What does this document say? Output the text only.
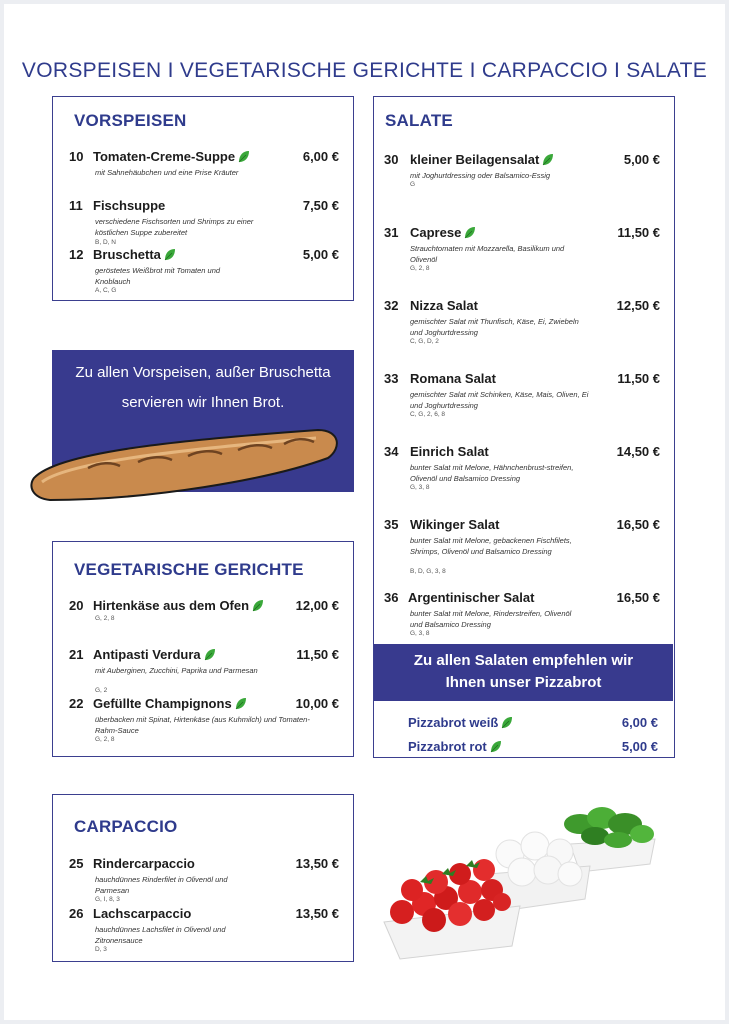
VORSPEISEN I VEGETARISCHE GERICHTE I CARPACCIO I SALATE
VORSPEISEN
10 Tomaten-Creme-Suppe	6,00 €
mit Sahnehäubchen und eine Prise Kräuter
11 Fischsuppe	7,50 €
verschiedene Fischsorten und Shrimps zu einer köstlichen Suppe zubereitet
B, D, N
12 Bruschetta	5,00 €
geröstetes Weißbrot mit Tomaten und Knoblauch
A, C, G
Zu allen Vorspeisen, außer Bruschetta
servieren wir Ihnen Brot.
VEGETARISCHE GERICHTE
20 Hirtenkäse aus dem Ofen	12,00 €
G, 2, 8
21 Antipasti Verdura	11,50 €
mit Auberginen, Zucchini, Paprika und Parmesan
G, 2
22 Gefüllte Champignons	10,00 €
überbacken mit Spinat, Hirtenkäse (aus Kuhmilch) und Tomaten-Rahm-Sauce
G, 2, 8
CARPACCIO
25 Rindercarpaccio	13,50 €
hauchdünnes Rinderfilet in Olivenöl und Parmesan
G, I, 8, 3
26 Lachscarpaccio	13,50 €
hauchdünnes Lachsfilet in Olivenöl und Zitronensauce
D, 3
SALATE
30 kleiner Beilagensalat	5,00 €
mit Joghurtdressing oder Balsamico-Essig
G
31 Caprese	11,50 €
Strauchtomaten mit Mozzarella, Basilikum und Olivenöl
G, 2, 8
32 Nizza Salat	12,50 €
gemischter Salat mit Thunfisch, Käse, Ei, Zwiebeln und Joghurtdressing
C, G, D, 2
33 Romana Salat	11,50 €
gemischter Salat mit Schinken, Käse, Mais, Oliven, Ei und Joghurtdressing
C, G, 2, 6, 8
34 Einrich Salat	14,50 €
bunter Salat mit Melone, Hähnchenbrust-streifen, Olivenöl und Balsamico Dressing
G, 3, 8
35 Wikinger Salat	16,50 €
bunter Salat mit Melone, gebackenen Fischfilets, Shrimps, Olivenöl und Balsamico Dressing
B, D, G, 3, 8
36 Argentinischer Salat	16,50 €
bunter Salat mit Melone, Rinderstreifen, Olivenöl und Balsamico Dressing
G, 3, 8
Zu allen Salaten empfehlen wir
Ihnen unser Pizzabrot
Pizzabrot weiß	6,00 €
Pizzabrot rot	5,00 €
